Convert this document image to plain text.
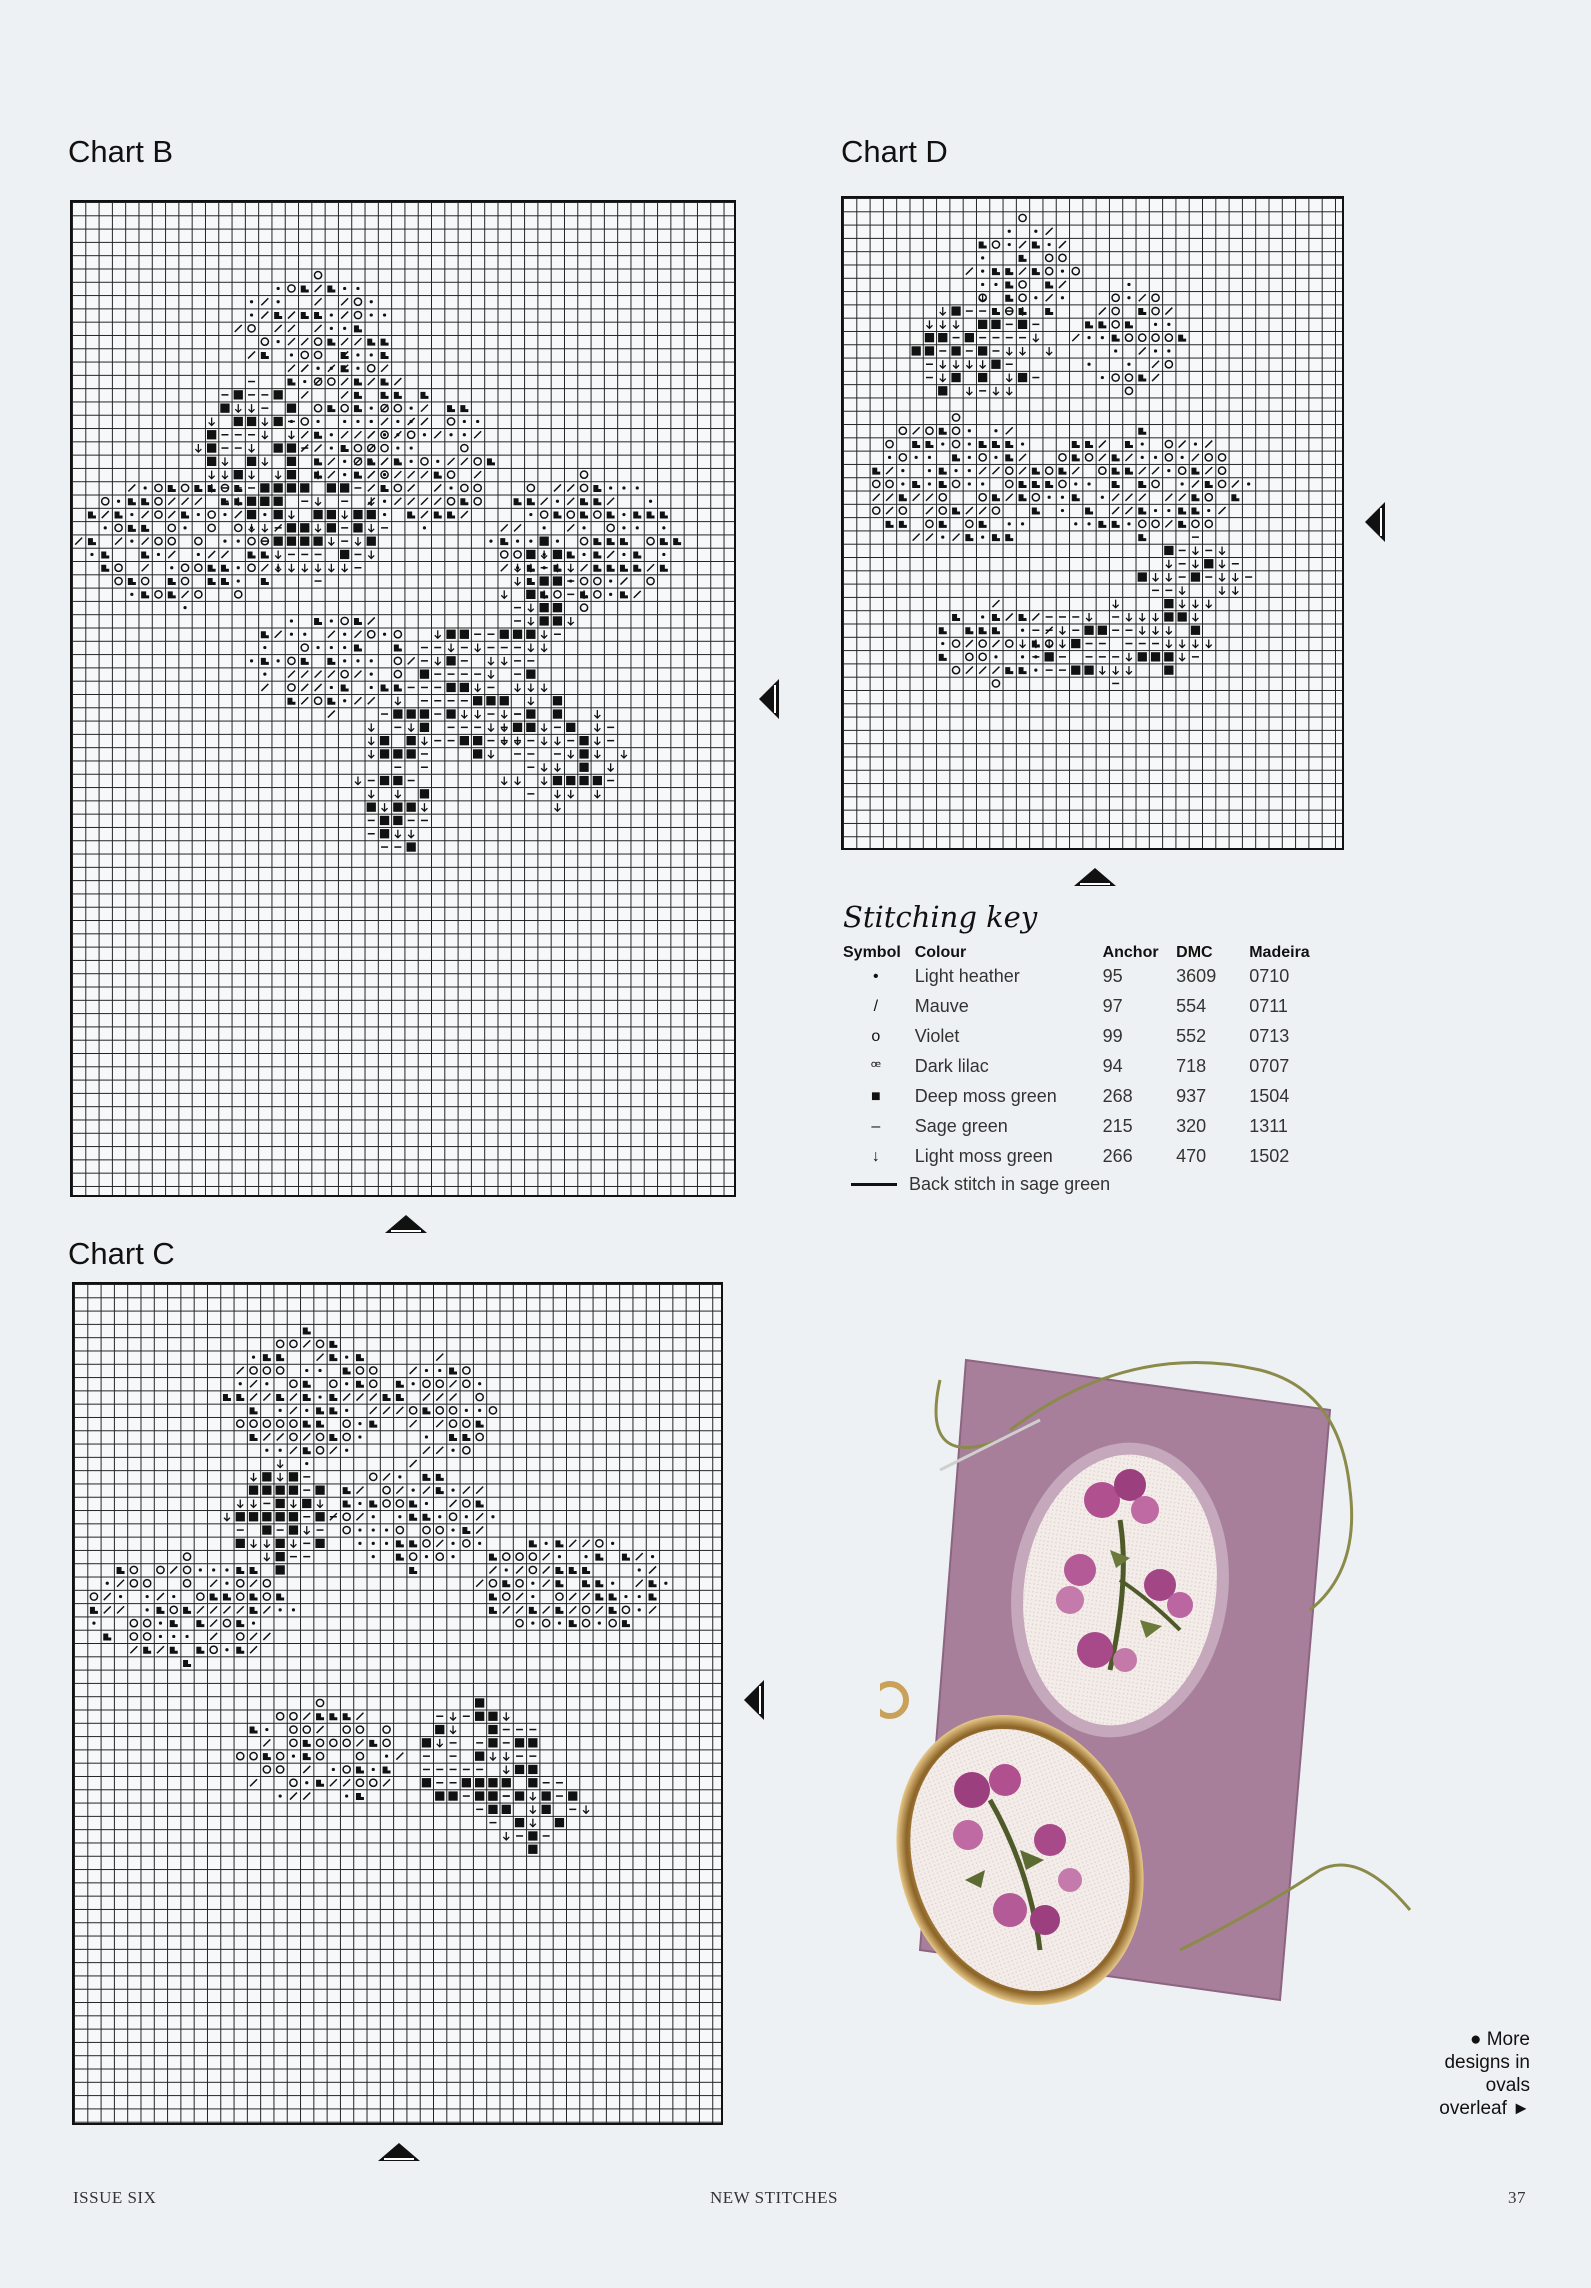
Chart B	Chart D
Chart C
Stitching key
Symbol	Colour	Anchor	DMC	Madeira
•	Light heather	95	3609	0710
/	Mauve	97	554	0711
o	Violet	99	552	0713
ꟹ	Dark lilac	94	718	0707
■	Deep moss green	268	937	1504
–	Sage green	215	320	1311
↓	Light moss green	266	470	1502
Back stitch in sage green
● More
designs in
ovals
overleaf ►
ISSUE SIX	NEW STITCHES	37
